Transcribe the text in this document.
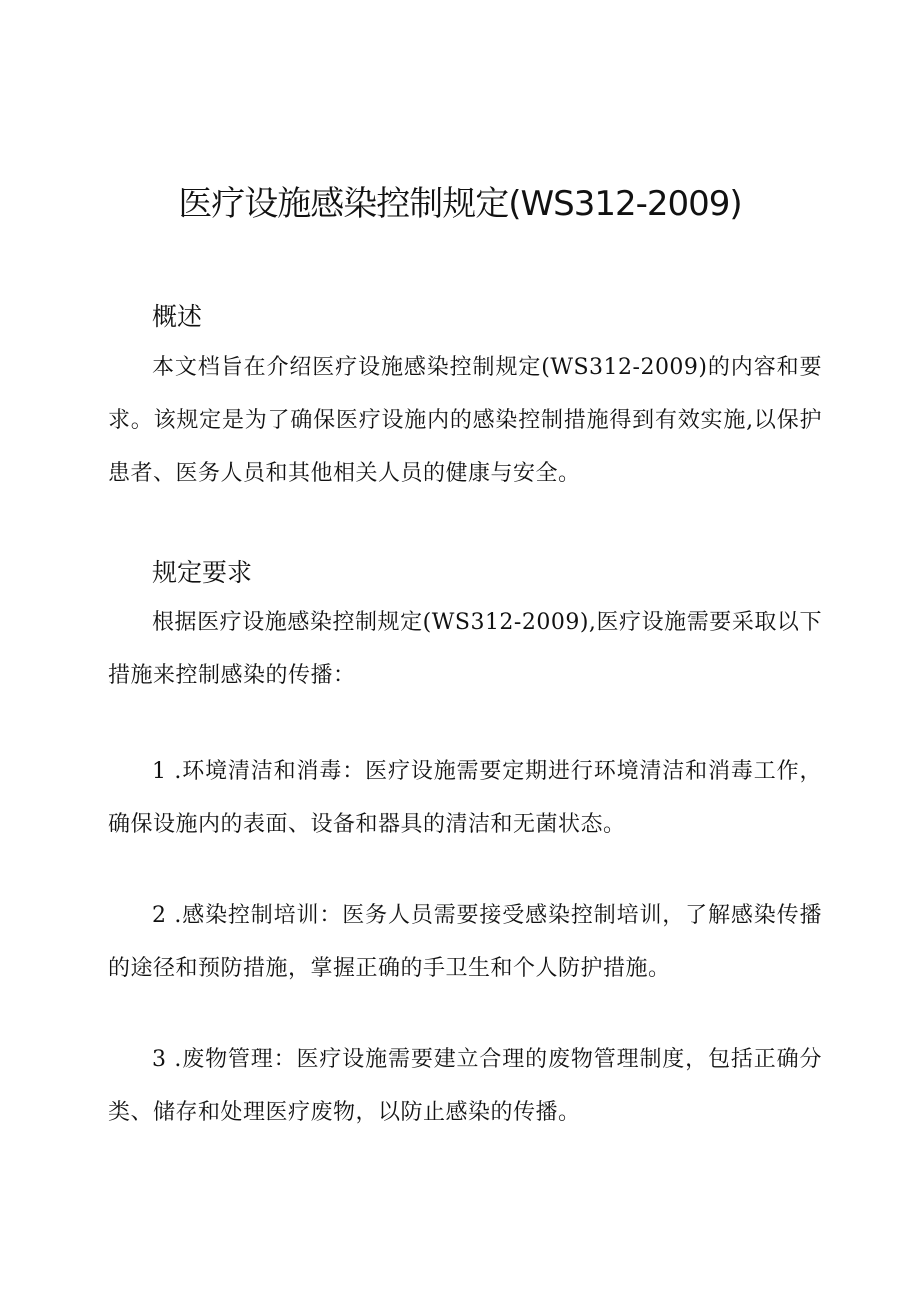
医疗设施感染控制规定(WS312-2009)
概述

本文档旨在介绍医疗设施感染控制规定(WS312-2009)的内容和要求。该规定是为了确保医疗设施内的感染控制措施得到有效实施,以保护患者、医务人员和其他相关人员的健康与安全。

规定要求

根据医疗设施感染控制规定(WS312-2009),医疗设施需要采取以下措施来控制感染的传播：

1 .环境清洁和消毒：医疗设施需要定期进行环境清洁和消毒工作，确保设施内的表面、设备和器具的清洁和无菌状态。

2 .感染控制培训：医务人员需要接受感染控制培训，了解感染传播的途径和预防措施，掌握正确的手卫生和个人防护措施。

3 .废物管理：医疗设施需要建立合理的废物管理制度，包括正确分类、储存和处理医疗废物，以防止感染的传播。
